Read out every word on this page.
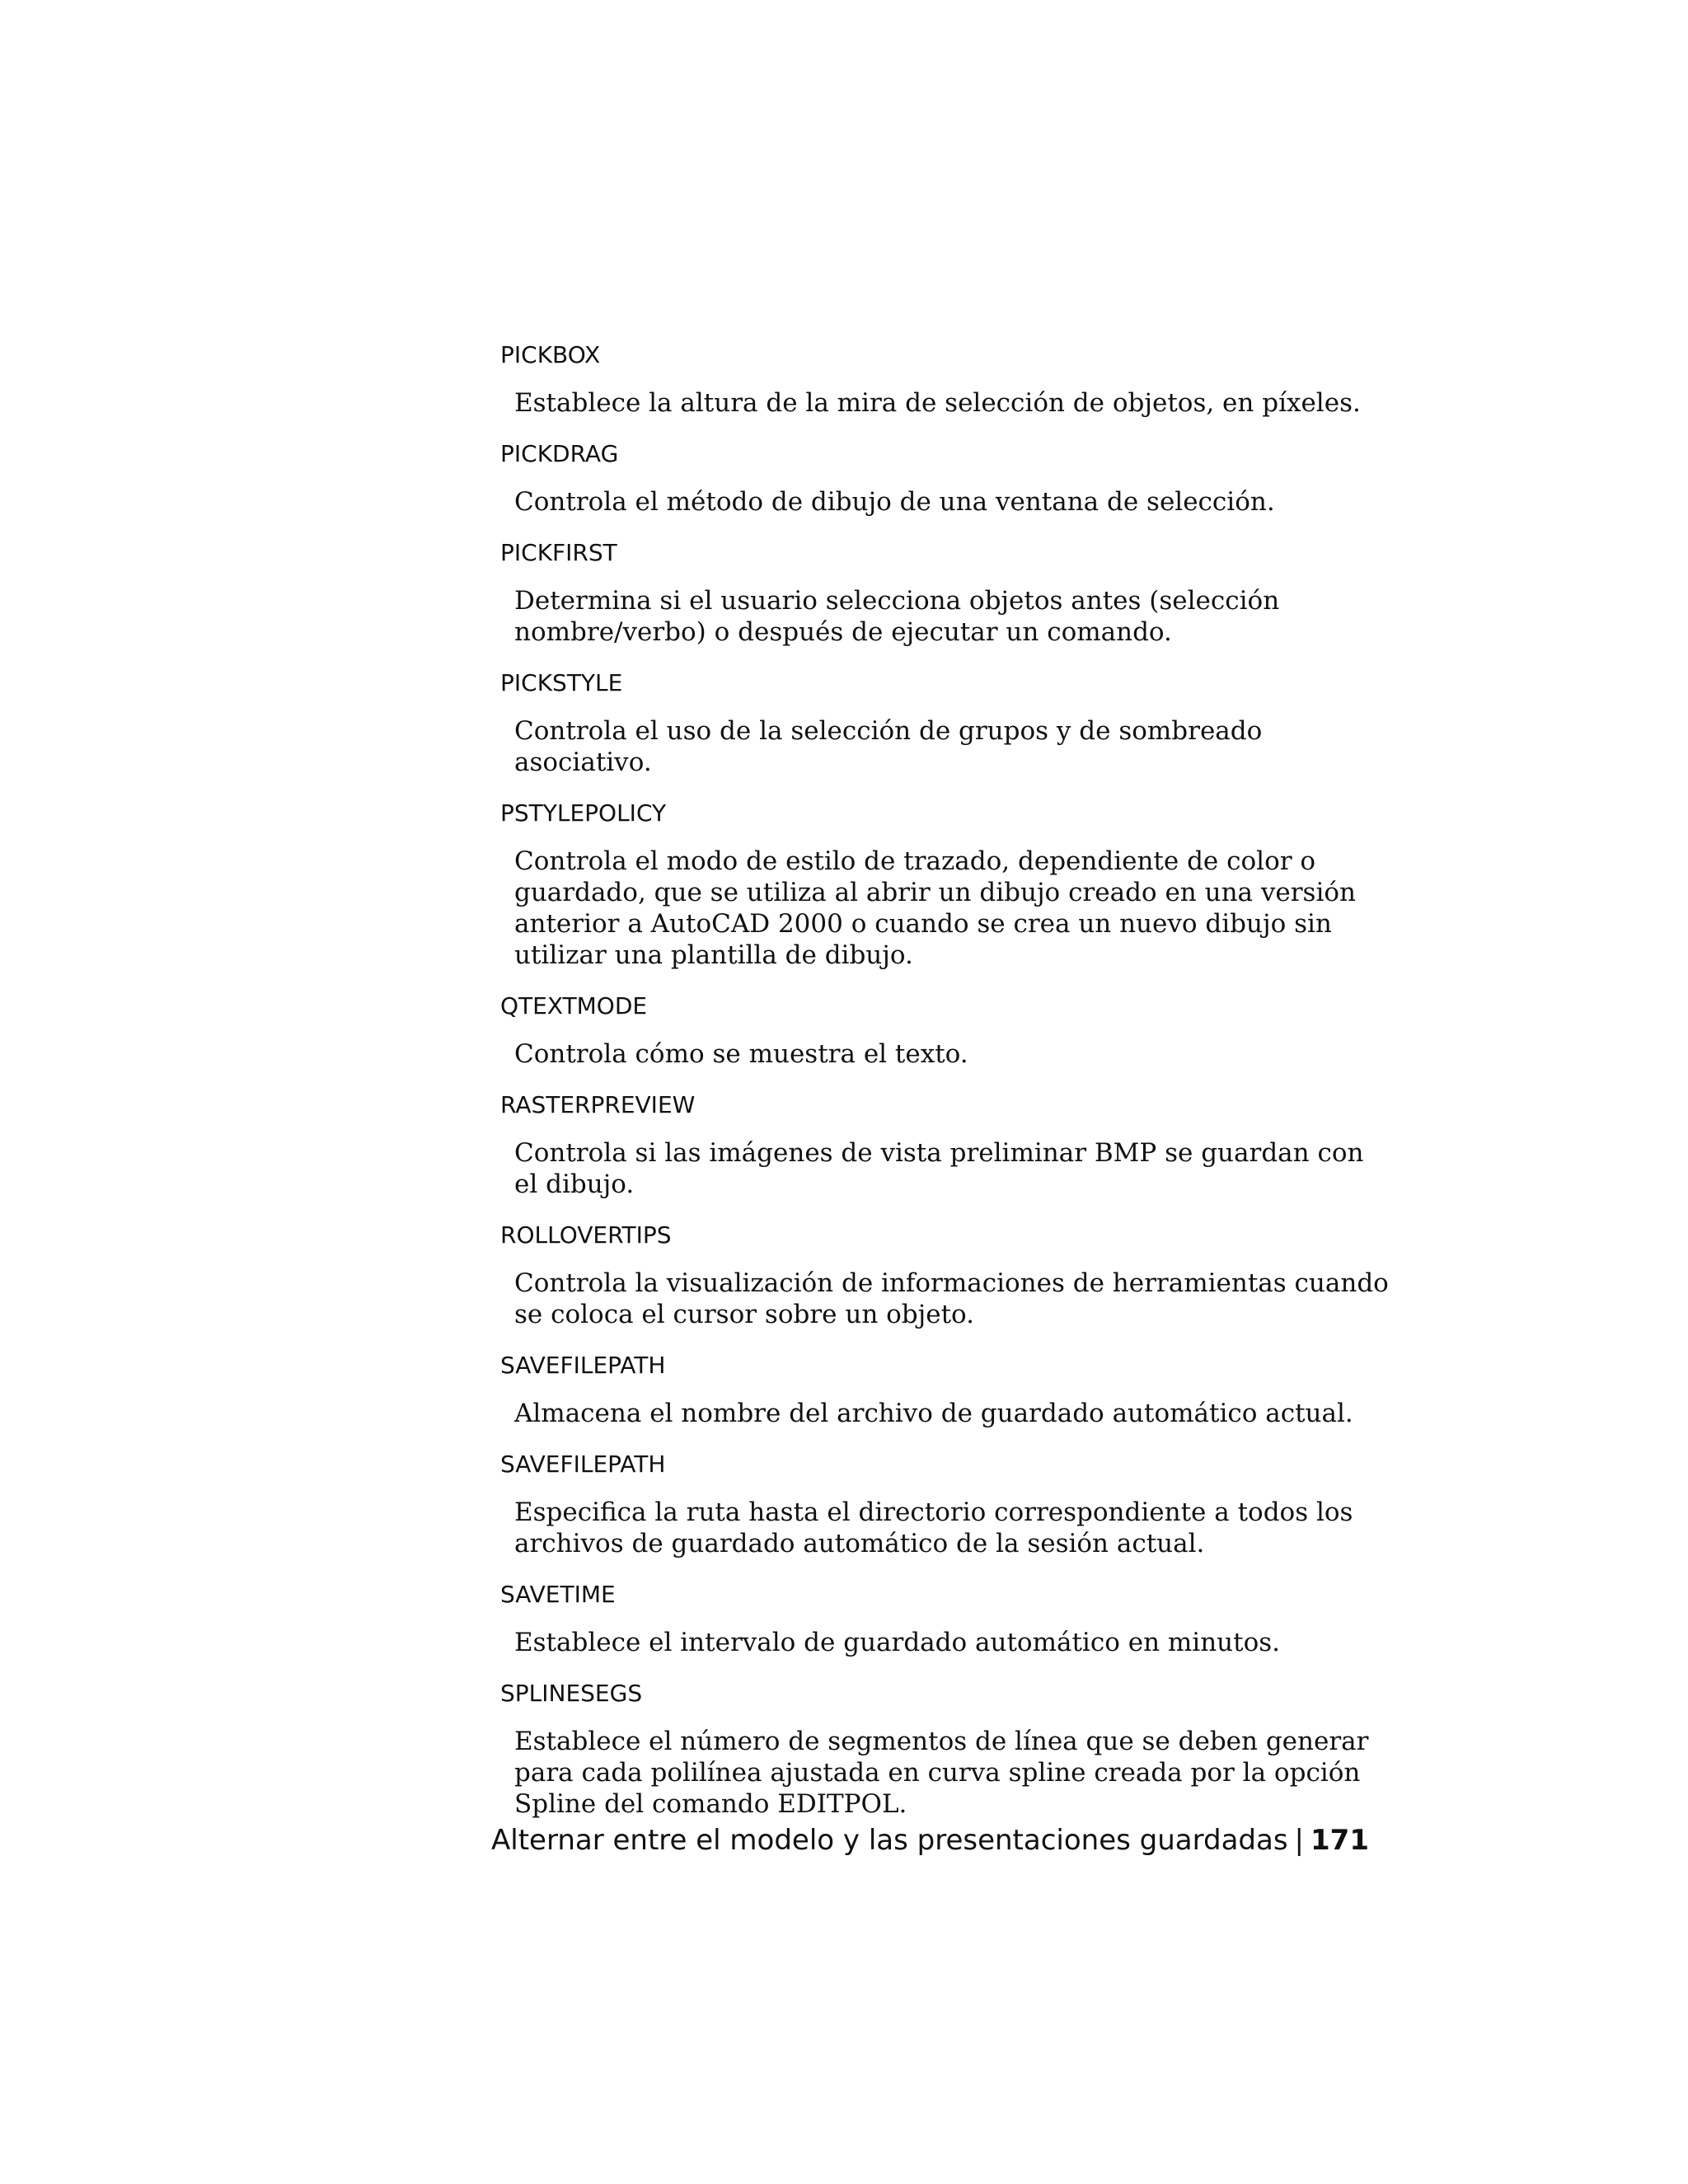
PICKBOX
Establece la altura de la mira de selección de objetos, en píxeles.
PICKDRAG
Controla el método de dibujo de una ventana de selección.
PICKFIRST
Determina si el usuario selecciona objetos antes (selección nombre/verbo) o después de ejecutar un comando.
PICKSTYLE
Controla el uso de la selección de grupos y de sombreado asociativo.
PSTYLEPOLICY
Controla el modo de estilo de trazado, dependiente de color o guardado, que se utiliza al abrir un dibujo creado en una versión anterior a AutoCAD 2000 o cuando se crea un nuevo dibujo sin utilizar una plantilla de dibujo.
QTEXTMODE
Controla cómo se muestra el texto.
RASTERPREVIEW
Controla si las imágenes de vista preliminar BMP se guardan con el dibujo.
ROLLOVERTIPS
Controla la visualización de informaciones de herramientas cuando se coloca el cursor sobre un objeto.
SAVEFILEPATH
Almacena el nombre del archivo de guardado automático actual.
SAVEFILEPATH
Especifica la ruta hasta el directorio correspondiente a todos los archivos de guardado automático de la sesión actual.
SAVETIME
Establece el intervalo de guardado automático en minutos.
SPLINESEGS
Establece el número de segmentos de línea que se deben generar para cada polilínea ajustada en curva spline creada por la opción Spline del comando EDITPOL.
Alternar entre el modelo y las presentaciones guardadas | 171
